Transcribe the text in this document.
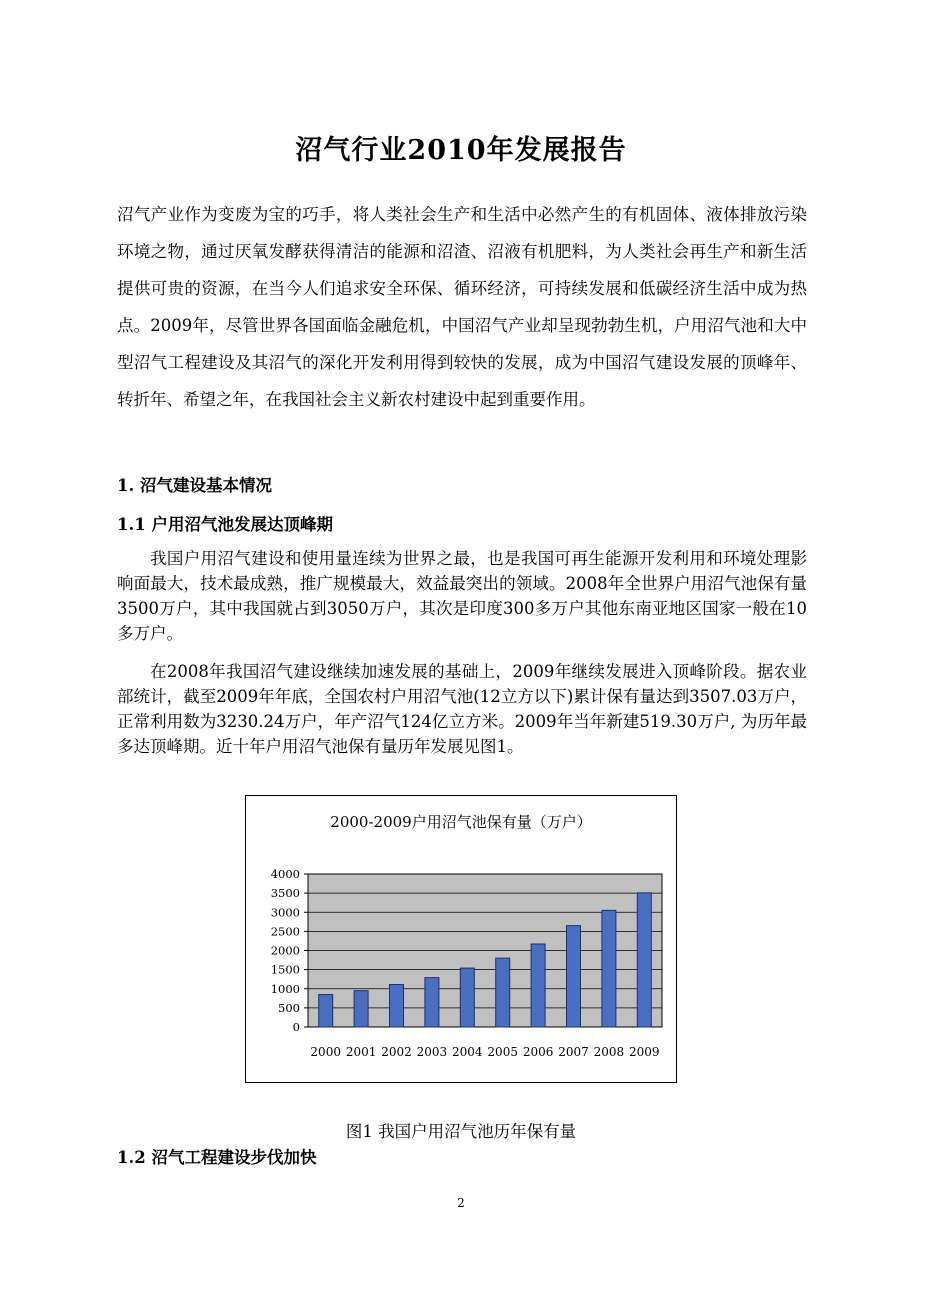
沼气行业2010年发展报告

沼气产业作为变废为宝的巧手，将人类社会生产和生活中必然产生的有机固体、液体排放污染环境之物，通过厌氧发酵获得清洁的能源和沼渣、沼液有机肥料，为人类社会再生产和新生活提供可贵的资源，在当今人们追求安全环保、循环经济，可持续发展和低碳经济生活中成为热点。2009年，尽管世界各国面临金融危机，中国沼气产业却呈现勃勃生机，户用沼气池和大中型沼气工程建设及其沼气的深化开发利用得到较快的发展，成为中国沼气建设发展的顶峰年、转折年、希望之年，在我国社会主义新农村建设中起到重要作用。

1. 沼气建设基本情况

1.1 户用沼气池发展达顶峰期

我国户用沼气建设和使用量连续为世界之最，也是我国可再生能源开发利用和环境处理影响面最大，技术最成熟，推广规模最大，效益最突出的领域。2008年全世界户用沼气池保有量3500万户，其中我国就占到3050万户，其次是印度300多万户其他东南亚地区国家一般在10多万户。

在2008年我国沼气建设继续加速发展的基础上，2009年继续发展进入顶峰阶段。据农业部统计，截至2009年年底，全国农村户用沼气池(12立方以下)累计保有量达到3507.03万户，正常利用数为3230.24万户，年产沼气124亿立方米。2009年当年新建519.30万户, 为历年最多达顶峰期。近十年户用沼气池保有量历年发展见图1。

2000-2009户用沼气池保有量（万户）
0
500
1000
1500
2000
2500
3000
3500
4000
2000 2001 2002 2003 2004 2005 2006 2007 2008 2009
图1 我国户用沼气池历年保有量

1.2 沼气工程建设步伐加快

2
